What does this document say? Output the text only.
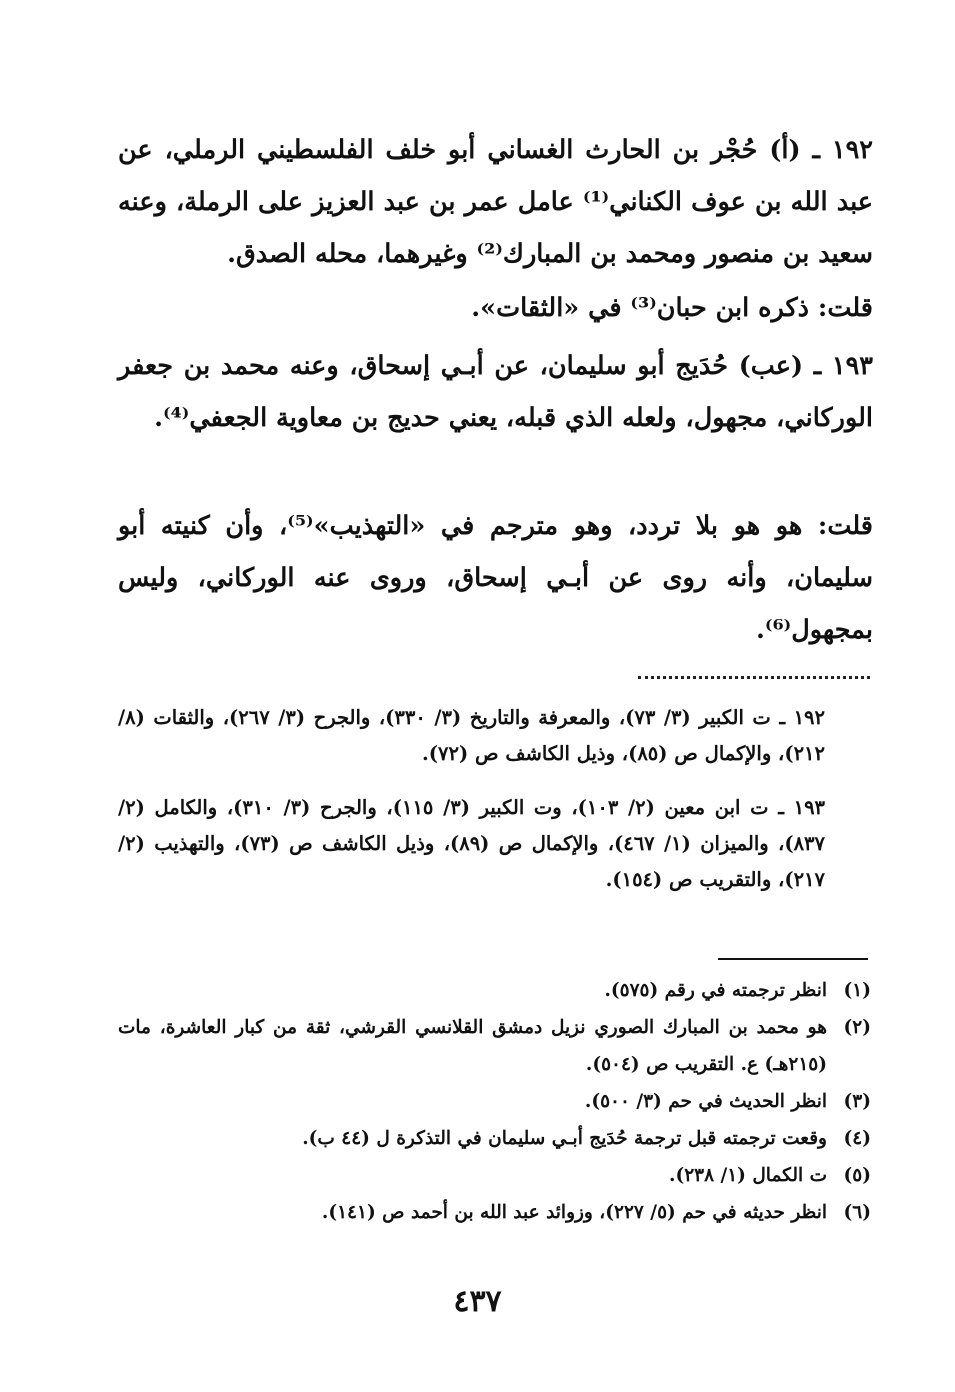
١٩٢ ـ (أ) حُجْر بن الحارث الغساني أبو خلف الفلسطيني الرملي، عن عبد الله بن عوف الكناني⁽¹⁾ عامل عمر بن عبد العزيز على الرملة، وعنه سعيد بن منصور ومحمد بن المبارك⁽²⁾ وغيرهما، محله الصدق.

قلت: ذكره ابن حبان⁽³⁾ في «الثقات».

١٩٣ ـ (عب) حُدَيج أبو سليمان، عن أبـي إسحاق، وعنه محمد بن جعفر الوركاني، مجهول، ولعله الذي قبله، يعني حديج بن معاوية الجعفي⁽⁴⁾.

قلت: هو هو بلا تردد، وهو مترجم في «التهذيب»⁽⁵⁾، وأن كنيته أبو سليمان، وأنه روى عن أبـي إسحاق، وروى عنه الوركاني، وليس بمجهول⁽⁶⁾.

١٩٢ ـ ت الكبير (٣/ ٧٣)، والمعرفة والتاريخ (٣/ ٣٣٠)، والجرح (٣/ ٢٦٧)، والثقات (٨/ ٢١٢)، والإكمال ص (٨٥)، وذيل الكاشف ص (٧٢).

١٩٣ ـ ت ابن معين (٢/ ١٠٣)، وت الكبير (٣/ ١١٥)، والجرح (٣/ ٣١٠)، والكامل (٢/ ٨٣٧)، والميزان (١/ ٤٦٧)، والإكمال ص (٨٩)، وذيل الكاشف ص (٧٣)، والتهذيب (٢/ ٢١٧)، والتقريب ص (١٥٤).

(١)
انظر ترجمته في رقم (٥٧٥).
(٢)
هو محمد بن المبارك الصوري نزيل دمشق القلانسي القرشي، ثقة من كبار العاشرة، مات (٢١٥هـ) ع. التقريب ص (٥٠٤).
(٣)
انظر الحديث في حم (٣/ ٥٠٠).
(٤)
وقعت ترجمته قبل ترجمة حُدَيج أبـي سليمان في التذكرة ل (٤٤ ب).
(٥)
ت الكمال (١/ ٢٣٨).
(٦)
انظر حديثه في حم (٥/ ٢٢٧)، وزوائد عبد الله بن أحمد ص (١٤١).
٤٣٧
